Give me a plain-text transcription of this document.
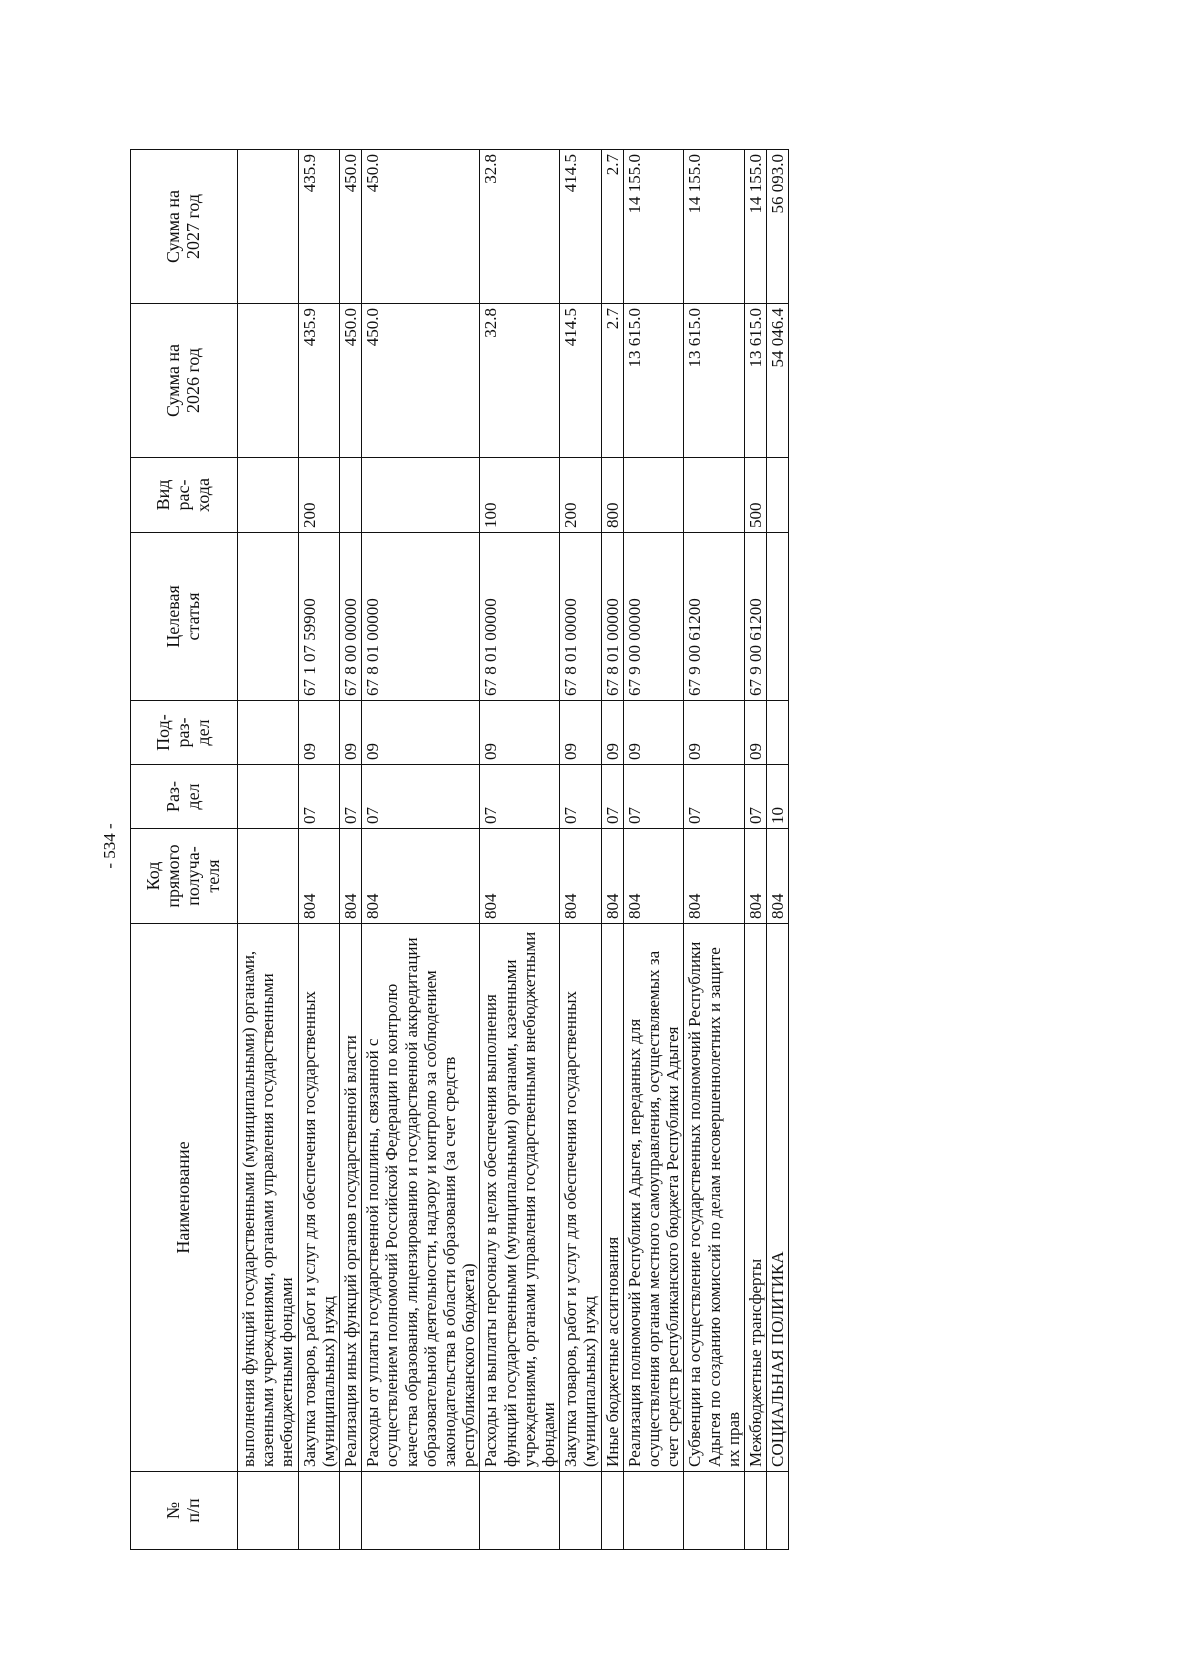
- 534 -
№
п/п	Наименование	Код
прямого
получа-
теля	Раз-
дел	Под-
раз-
дел	Целевая
статья	Вид
рас-
хода	Сумма на
2026 год	Сумма на
2027 год
	выполнения функций государственными (муниципальными) органами, казенными учреждениями, органами управления государственными внебюджетными фондами							
	Закупка товаров, работ и услуг для обеспечения государственных (муниципальных) нужд	804	07	09	67 1 07 59900	200	435.9	435.9
	Реализация иных функций органов государственной власти	804	07	09	67 8 00 00000		450.0	450.0
	Расходы от уплаты государственной пошлины, связанной с осуществлением полномочий Российской Федерации по контролю качества образования, лицензированию и государственной аккредитации образовательной деятельности, надзору и контролю за соблюдением законодательства в области образования (за счет средств республиканского бюджета)	804	07	09	67 8 01 00000		450.0	450.0
	Расходы на выплаты персоналу в целях обеспечения выполнения функций государственными (муниципальными) органами, казенными учреждениями, органами управления государственными внебюджетными фондами	804	07	09	67 8 01 00000	100	32.8	32.8
	Закупка товаров, работ и услуг для обеспечения государственных (муниципальных) нужд	804	07	09	67 8 01 00000	200	414.5	414.5
	Иные бюджетные ассигнования	804	07	09	67 8 01 00000	800	2.7	2.7
	Реализация полномочий Республики Адыгея, переданных для осуществления органам местного самоуправления, осуществляемых за счет средств республиканского бюджета Республики Адыгея	804	07	09	67 9 00 00000		13 615.0	14 155.0
	Субвенции на осуществление государственных полномочий Республики Адыгея по созданию комиссий по делам несовершеннолетних и защите их прав	804	07	09	67 9 00 61200		13 615.0	14 155.0
	Межбюджетные трансферты	804	07	09	67 9 00 61200	500	13 615.0	14 155.0
	СОЦИАЛЬНАЯ ПОЛИТИКА	804	10				54 046.4	56 093.0
